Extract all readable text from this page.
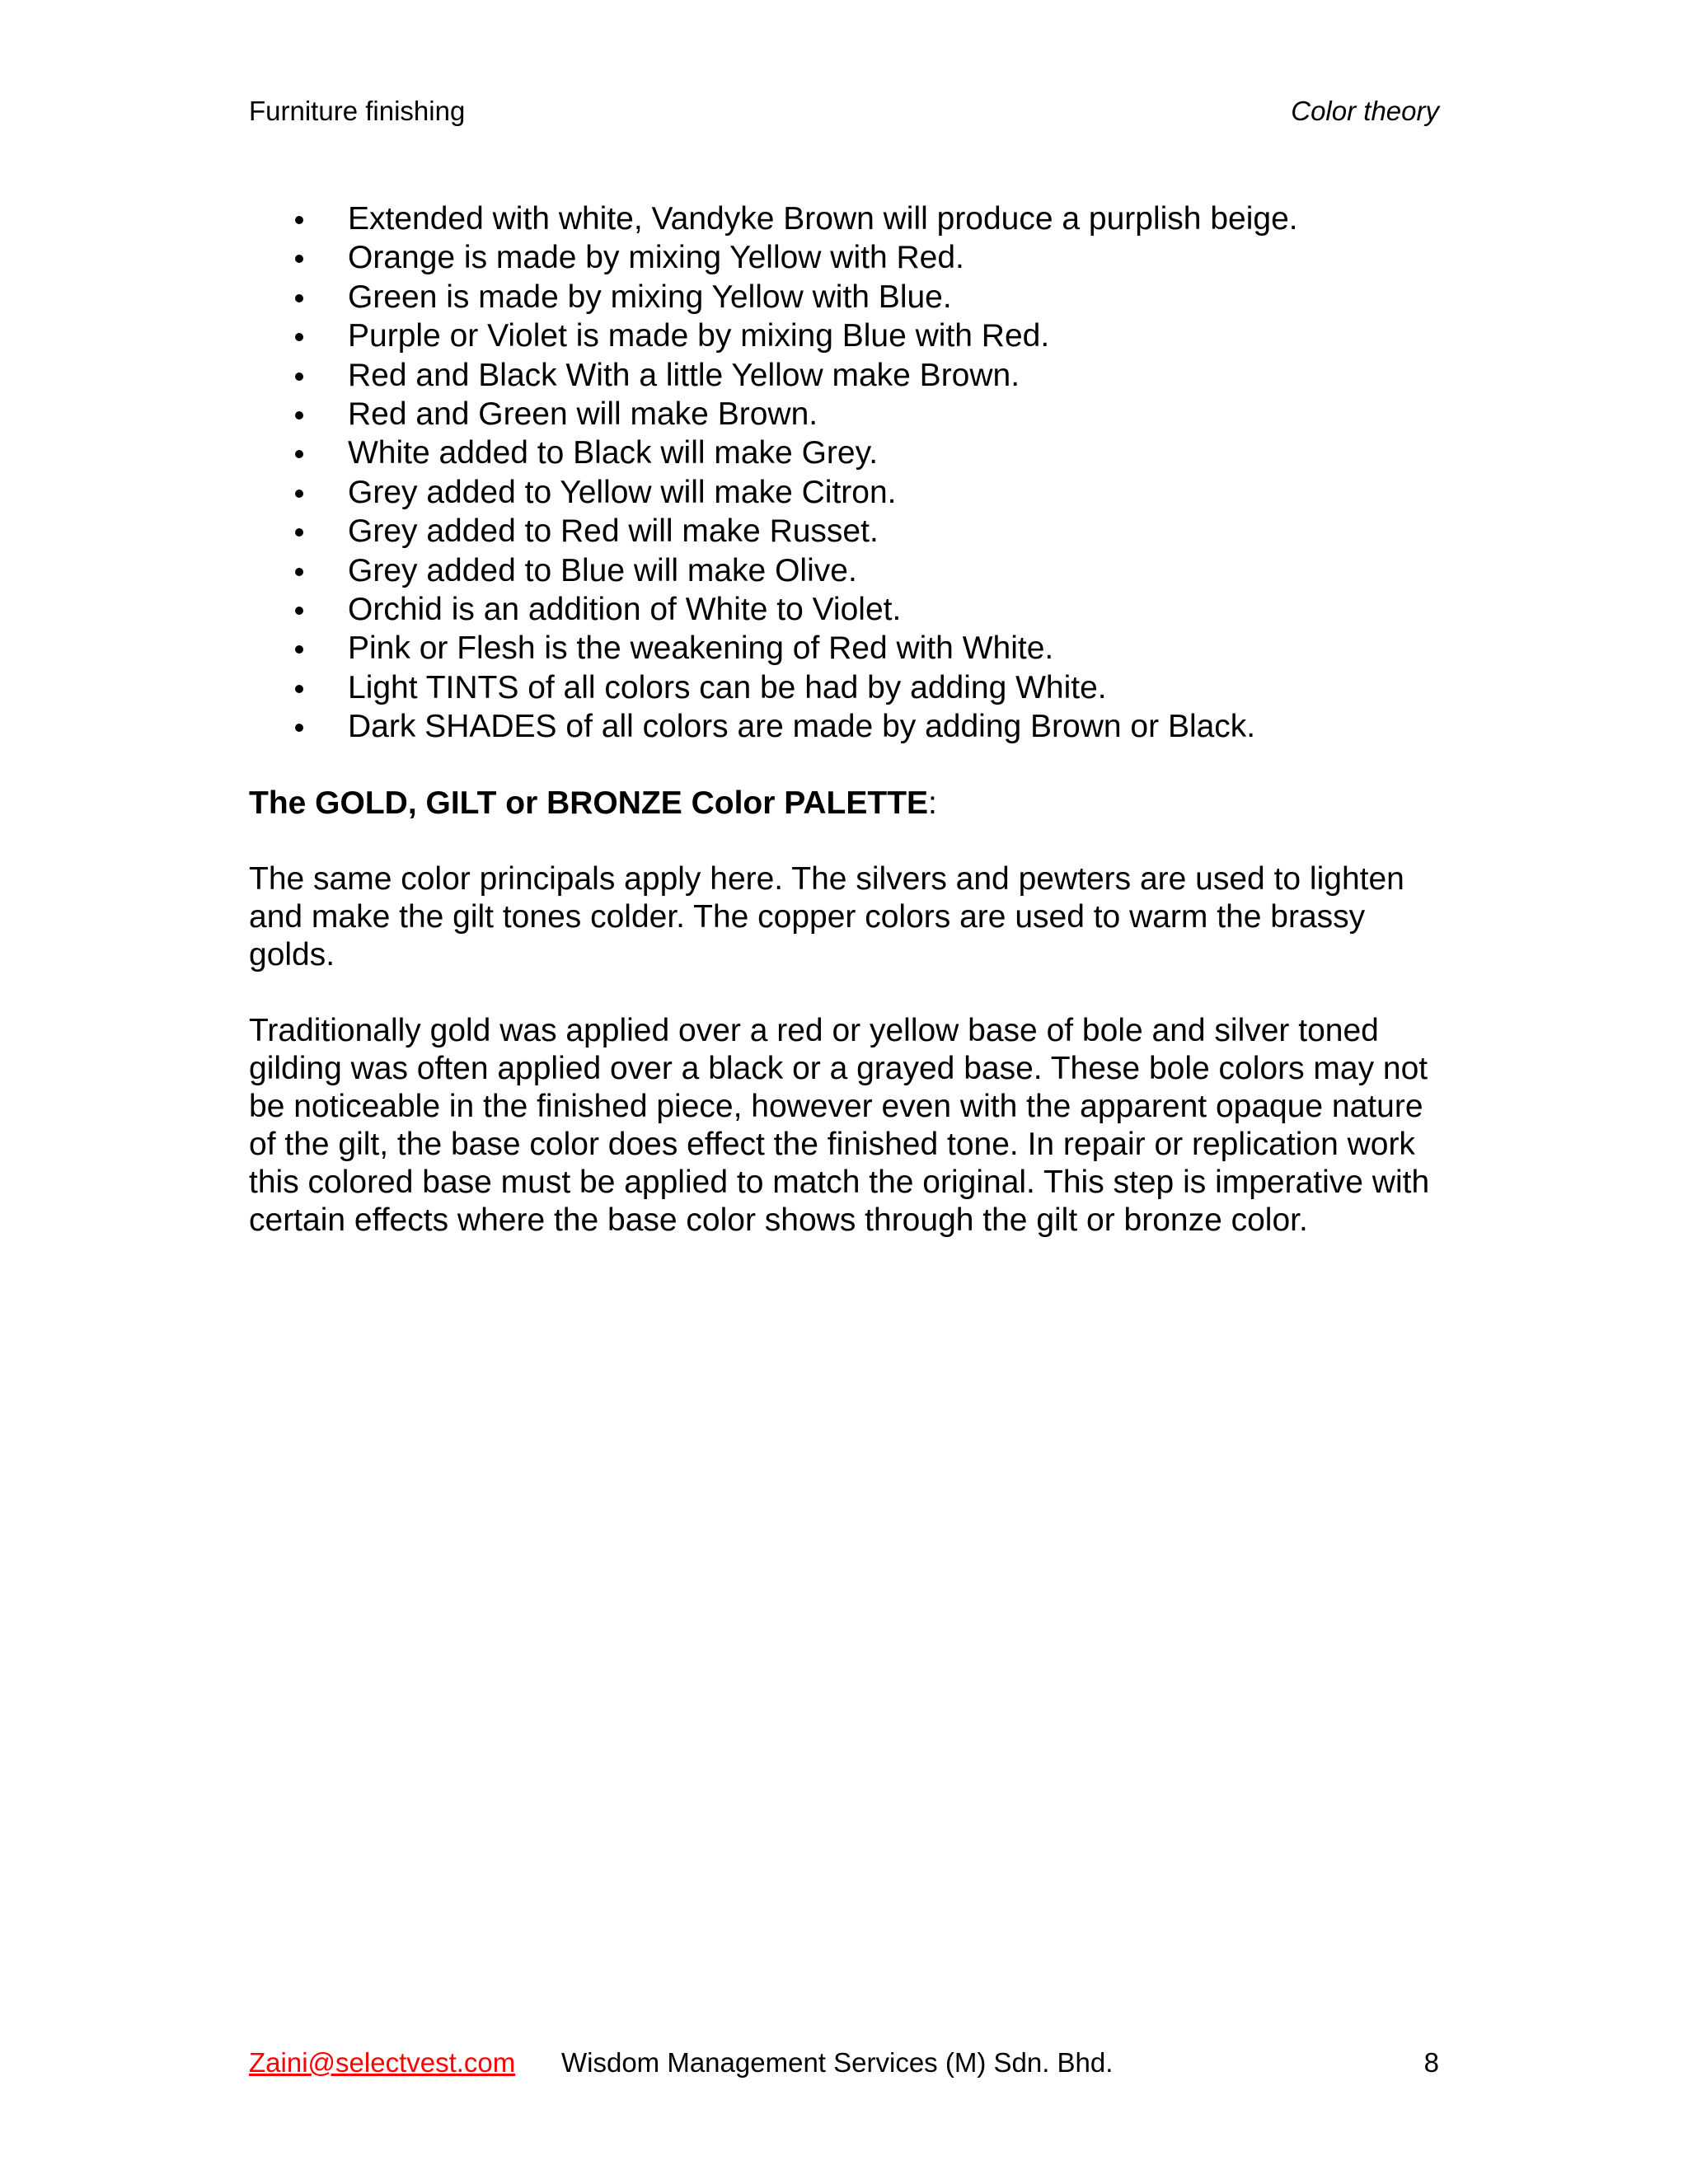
Furniture finishing	Color theory
Extended with white, Vandyke Brown will produce a purplish beige.
Orange is made by mixing Yellow with Red.
Green is made by mixing Yellow with Blue.
Purple or Violet is made by mixing Blue with Red.
Red and Black With a little Yellow make Brown.
Red and Green will make Brown.
White added to Black will make Grey.
Grey added to Yellow will make Citron.
Grey added to Red will make Russet.
Grey added to Blue will make Olive.
Orchid is an addition of White to Violet.
Pink or Flesh is the weakening of Red with White.
Light TINTS of all colors can be had by adding White.
Dark SHADES of all colors are made by adding Brown or Black.
The GOLD, GILT or BRONZE Color PALETTE:

The same color principals apply here. The silvers and pewters are used to lighten and make the gilt tones colder. The copper colors are used to warm the brassy golds.

Traditionally gold was applied over a red or yellow base of bole and silver toned gilding was often applied over a black or a grayed base. These bole colors may not be noticeable in the finished piece, however even with the apparent opaque nature of the gilt, the base color does effect the finished tone. In repair or replication work this colored base must be applied to match the original. This step is imperative with certain effects where the base color shows through the gilt or bronze color.

Zaini@selectvest.com Wisdom Management Services (M) Sdn. Bhd.	8
